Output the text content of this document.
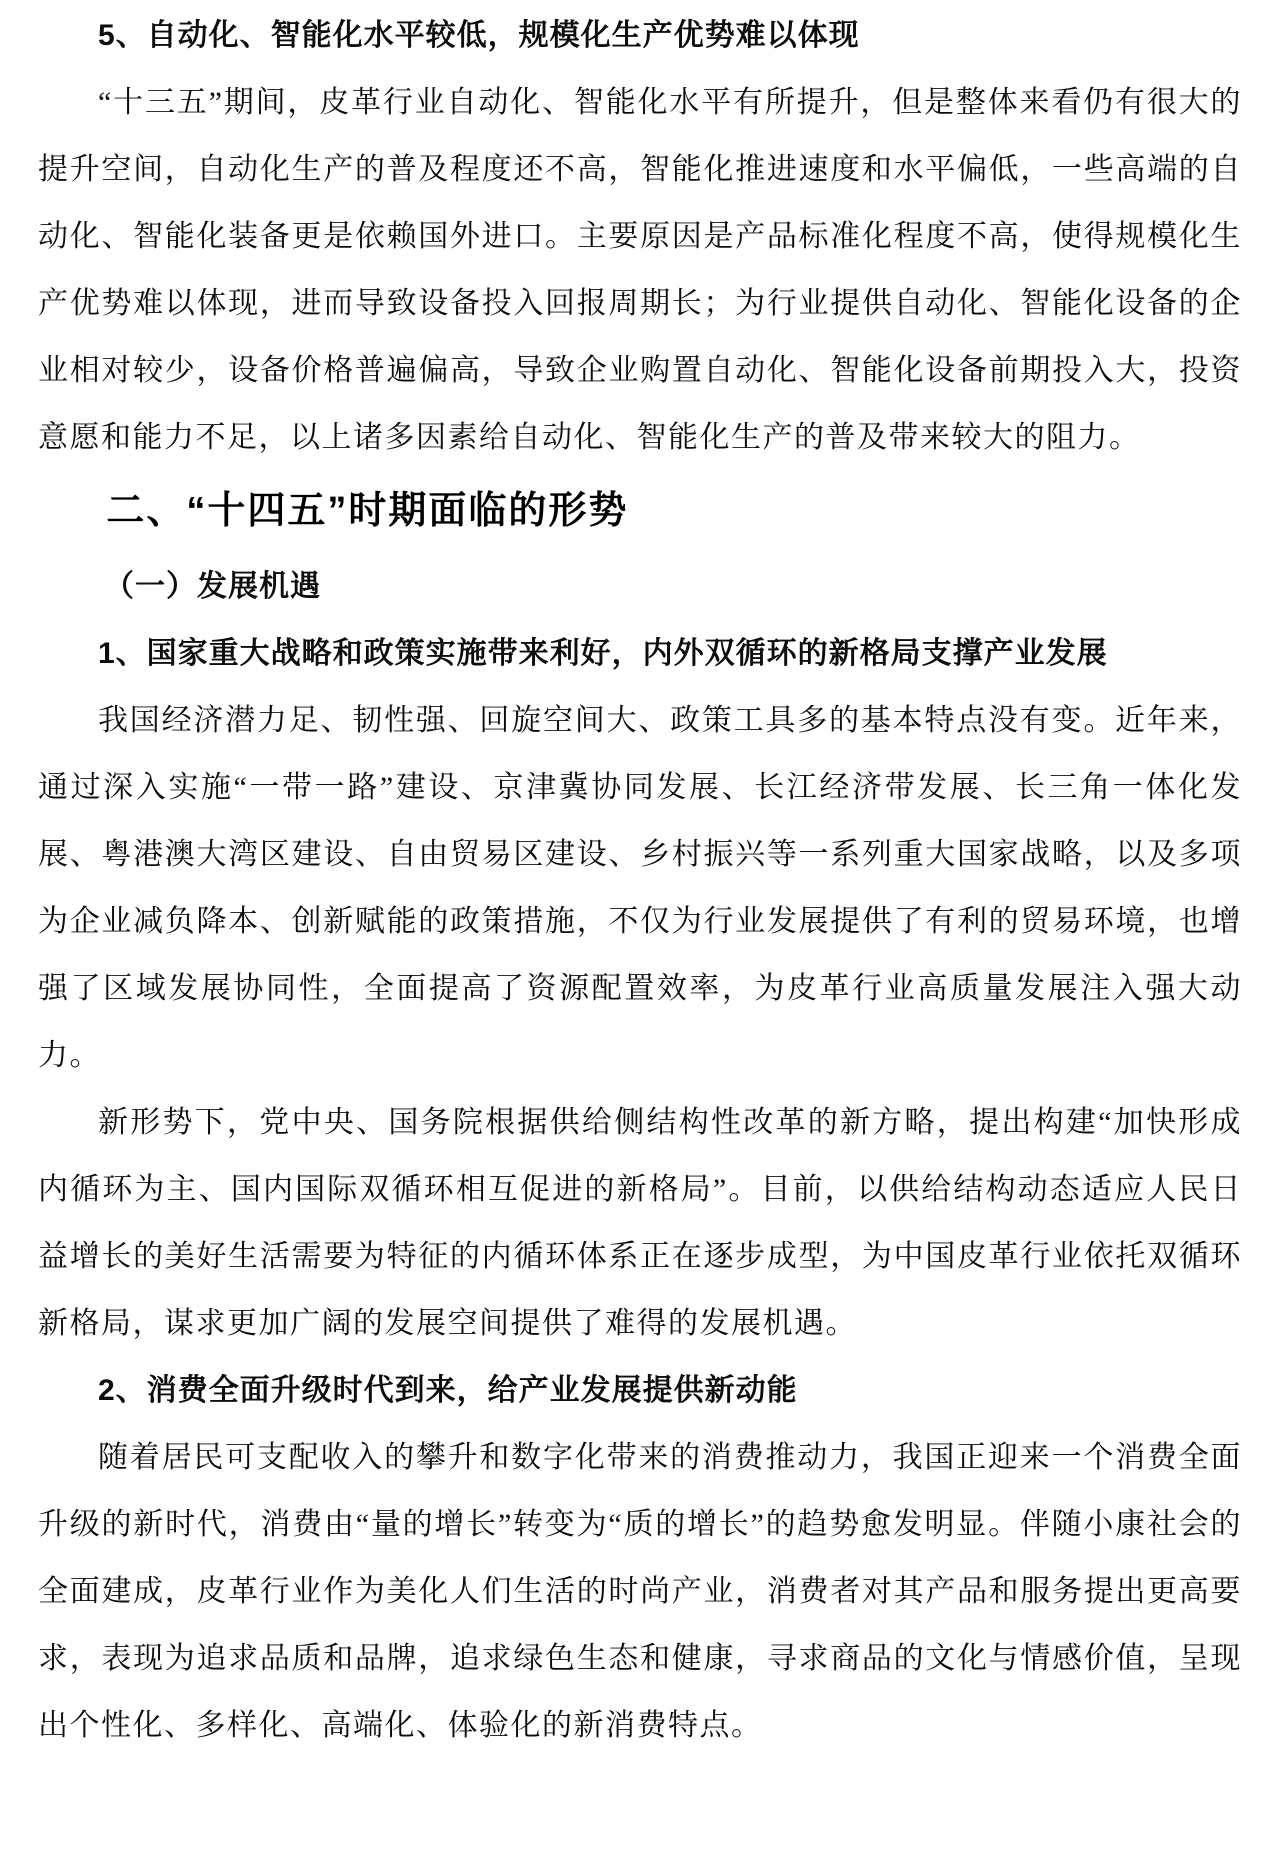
5、自动化、智能化水平较低，规模化生产优势难以体现

“十三五”期间，皮革行业自动化、智能化水平有所提升，但是整体来看仍有很大的提升空间，自动化生产的普及程度还不高，智能化推进速度和水平偏低，一些高端的自动化、智能化装备更是依赖国外进口。主要原因是产品标准化程度不高，使得规模化生产优势难以体现，进而导致设备投入回报周期长；为行业提供自动化、智能化设备的企业相对较少，设备价格普遍偏高，导致企业购置自动化、智能化设备前期投入大，投资意愿和能力不足，以上诸多因素给自动化、智能化生产的普及带来较大的阻力。

二、“十四五”时期面临的形势
（一）发展机遇
1、国家重大战略和政策实施带来利好，内外双循环的新格局支撑产业发展

我国经济潜力足、韧性强、回旋空间大、政策工具多的基本特点没有变。近年来，通过深入实施“一带一路”建设、京津冀协同发展、长江经济带发展、长三角一体化发展、粤港澳大湾区建设、自由贸易区建设、乡村振兴等一系列重大国家战略，以及多项为企业减负降本、创新赋能的政策措施，不仅为行业发展提供了有利的贸易环境，也增强了区域发展协同性，全面提高了资源配置效率，为皮革行业高质量发展注入强大动力。

新形势下，党中央、国务院根据供给侧结构性改革的新方略，提出构建“加快形成内循环为主、国内国际双循环相互促进的新格局”。目前，以供给结构动态适应人民日益增长的美好生活需要为特征的内循环体系正在逐步成型，为中国皮革行业依托双循环新格局，谋求更加广阔的发展空间提供了难得的发展机遇。

2、消费全面升级时代到来，给产业发展提供新动能

随着居民可支配收入的攀升和数字化带来的消费推动力，我国正迎来一个消费全面升级的新时代，消费由“量的增长”转变为“质的增长”的趋势愈发明显。伴随小康社会的全面建成，皮革行业作为美化人们生活的时尚产业，消费者对其产品和服务提出更高要求，表现为追求品质和品牌，追求绿色生态和健康，寻求商品的文化与情感价值，呈现出个性化、多样化、高端化、体验化的新消费特点。
